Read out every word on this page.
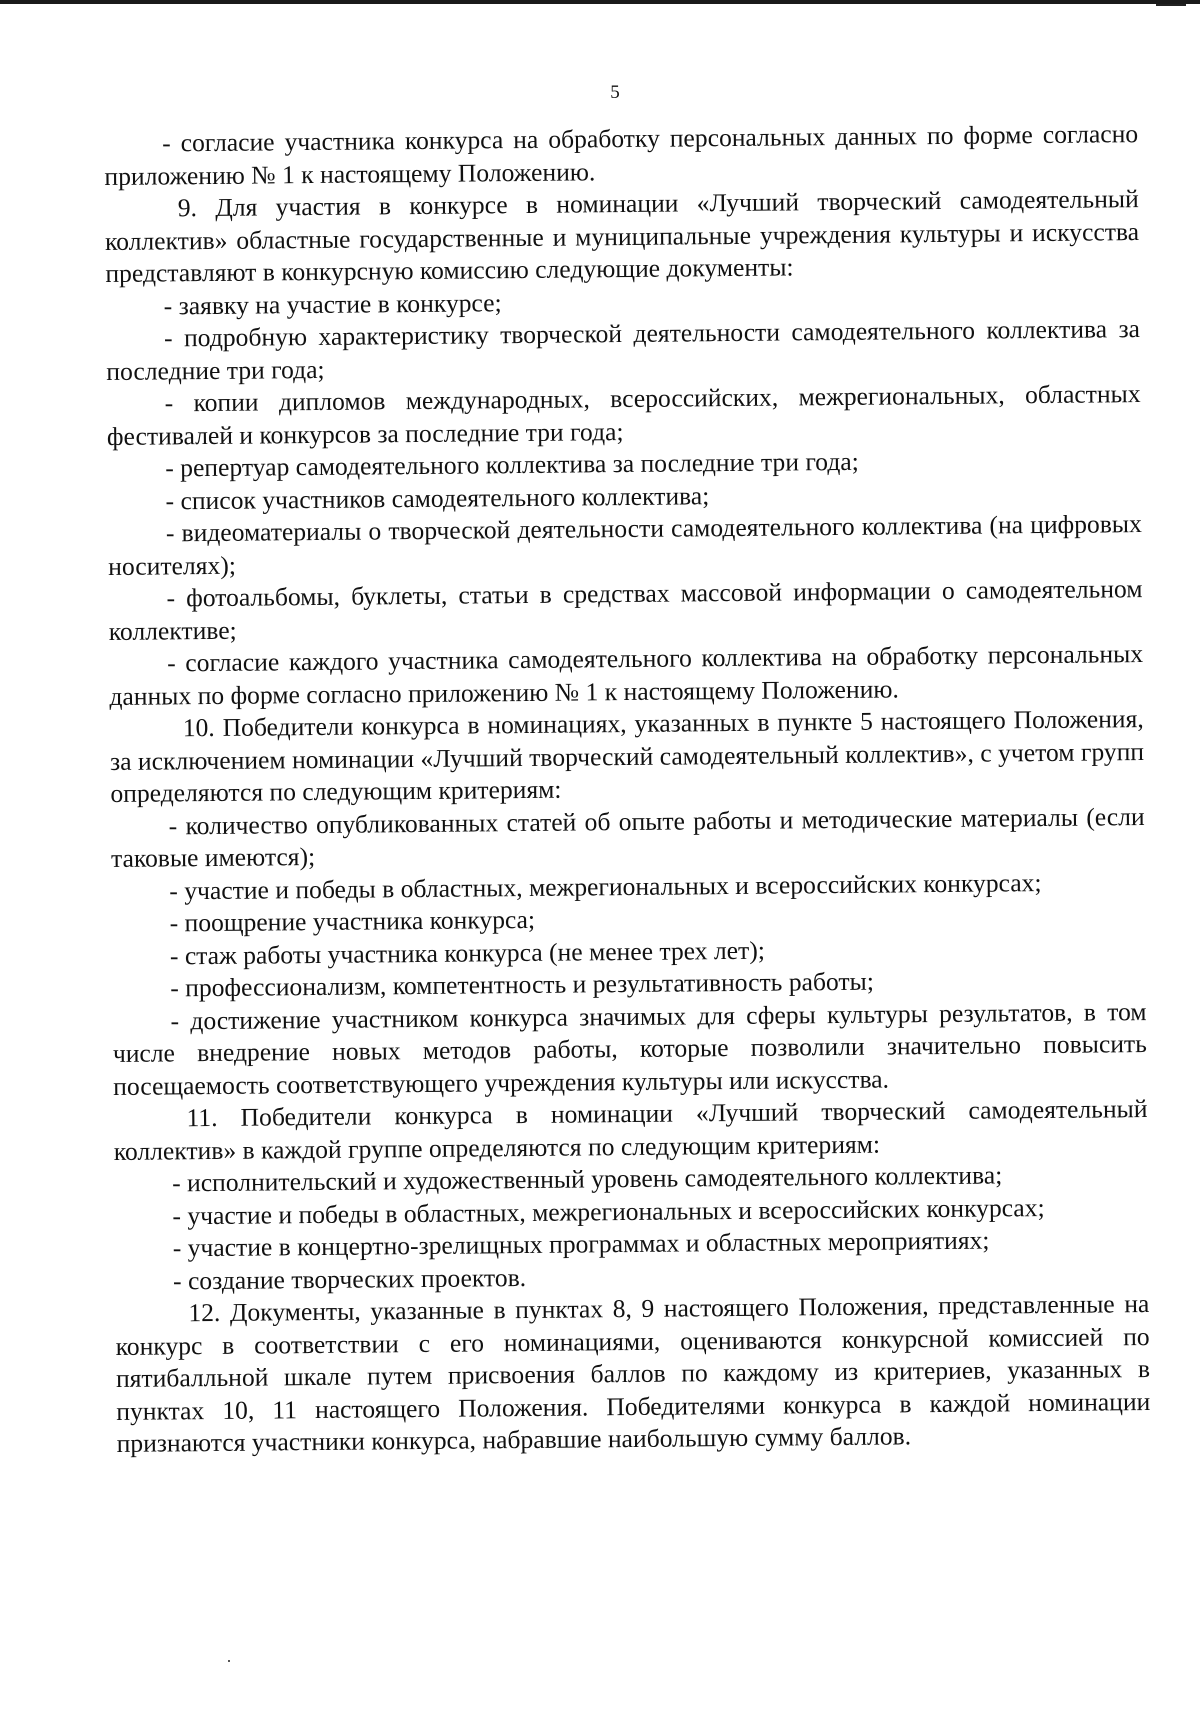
5

- согласие участника конкурса на обработку персональных данных по форме согласно приложению № 1 к настоящему Положению.

9. Для участия в конкурсе в номинации «Лучший творческий самодеятельный коллектив» областные государственные и муниципальные учреждения культуры и искусства представляют в конкурсную комиссию следующие документы:

- заявку на участие в конкурсе;

- подробную характеристику творческой деятельности самодеятельного коллектива за последние три года;

- копии дипломов международных, всероссийских, межрегиональных, областных фестивалей и конкурсов за последние три года;

- репертуар самодеятельного коллектива за последние три года;

- список участников самодеятельного коллектива;

- видеоматериалы о творческой деятельности самодеятельного коллектива (на цифровых носителях);

- фотоальбомы, буклеты, статьи в средствах массовой информации о самодеятельном коллективе;

- согласие каждого участника самодеятельного коллектива на обработку персональных данных по форме согласно приложению № 1 к настоящему Положению.

10. Победители конкурса в номинациях, указанных в пункте 5 настоящего Положения, за исключением номинации «Лучший творческий самодеятельный коллектив», с учетом групп определяются по следующим критериям:

- количество опубликованных статей об опыте работы и методические материалы (если таковые имеются);

- участие и победы в областных, межрегиональных и всероссийских конкурсах;

- поощрение участника конкурса;

- стаж работы участника конкурса (не менее трех лет);

- профессионализм, компетентность и результативность работы;

- достижение участником конкурса значимых для сферы культуры результатов, в том числе внедрение новых методов работы, которые позволили значительно повысить посещаемость соответствующего учреждения культуры или искусства.

11. Победители конкурса в номинации «Лучший творческий самодеятельный коллектив» в каждой группе определяются по следующим критериям:

- исполнительский и художественный уровень самодеятельного коллектива;

- участие и победы в областных, межрегиональных и всероссийских конкурсах;

- участие в концертно-зрелищных программах и областных мероприятиях;

- создание творческих проектов.

12. Документы, указанные в пунктах 8, 9 настоящего Положения, представленные на конкурс в соответствии с его номинациями, оцениваются конкурсной комиссией по пятибалльной шкале путем присвоения баллов по каждому из критериев, указанных в пунктах 10, 11 настоящего Положения. Победителями конкурса в каждой номинации признаются участники конкурса, набравшие наибольшую сумму баллов.
